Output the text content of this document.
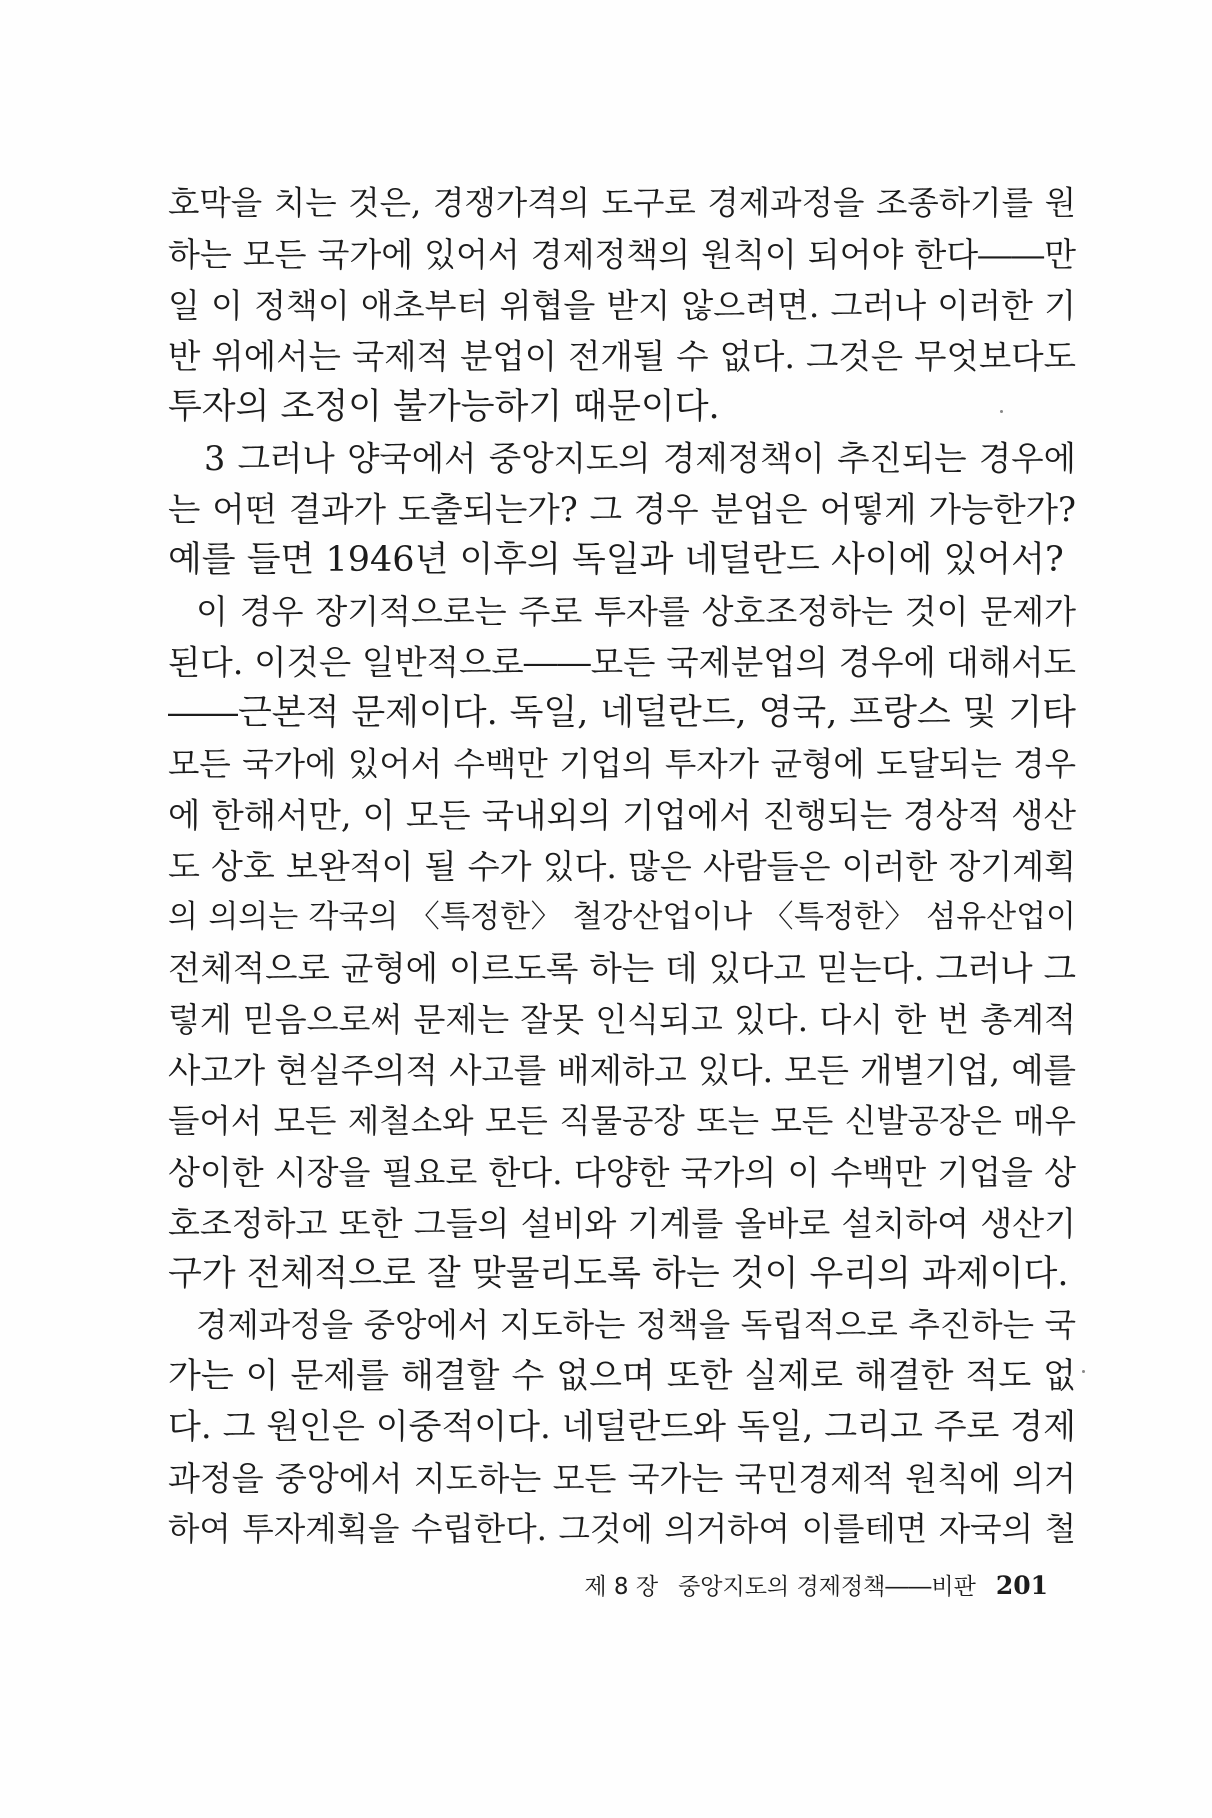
호막을 치는 것은, 경쟁가격의 도구로 경제과정을 조종하기를 원
하는 모든 국가에 있어서 경제정책의 원칙이 되어야 한다――만
일 이 정책이 애초부터 위협을 받지 않으려면. 그러나 이러한 기
반 위에서는 국제적 분업이 전개될 수 없다. 그것은 무엇보다도
투자의 조정이 불가능하기 때문이다.
3 그러나 양국에서 중앙지도의 경제정책이 추진되는 경우에
는 어떤 결과가 도출되는가? 그 경우 분업은 어떻게 가능한가?
예를 들면 1946년 이후의 독일과 네덜란드 사이에 있어서?
이 경우 장기적으로는 주로 투자를 상호조정하는 것이 문제가
된다. 이것은 일반적으로――모든 국제분업의 경우에 대해서도
――근본적 문제이다. 독일, 네덜란드, 영국, 프랑스 및 기타
모든 국가에 있어서 수백만 기업의 투자가 균형에 도달되는 경우
에 한해서만, 이 모든 국내외의 기업에서 진행되는 경상적 생산
도 상호 보완적이 될 수가 있다. 많은 사람들은 이러한 장기계획
의 의의는 각국의 〈특정한〉 철강산업이나 〈특정한〉 섬유산업이
전체적으로 균형에 이르도록 하는 데 있다고 믿는다. 그러나 그
렇게 믿음으로써 문제는 잘못 인식되고 있다. 다시 한 번 총계적
사고가 현실주의적 사고를 배제하고 있다. 모든 개별기업, 예를
들어서 모든 제철소와 모든 직물공장 또는 모든 신발공장은 매우
상이한 시장을 필요로 한다. 다양한 국가의 이 수백만 기업을 상
호조정하고 또한 그들의 설비와 기계를 올바로 설치하여 생산기
구가 전체적으로 잘 맞물리도록 하는 것이 우리의 과제이다.
경제과정을 중앙에서 지도하는 정책을 독립적으로 추진하는 국
가는 이 문제를 해결할 수 없으며 또한 실제로 해결한 적도 없
다. 그 원인은 이중적이다. 네덜란드와 독일, 그리고 주로 경제
과정을 중앙에서 지도하는 모든 국가는 국민경제적 원칙에 의거
하여 투자계획을 수립한다. 그것에 의거하여 이를테면 자국의 철
제 8 장 중앙지도의 경제정책――비판 201
